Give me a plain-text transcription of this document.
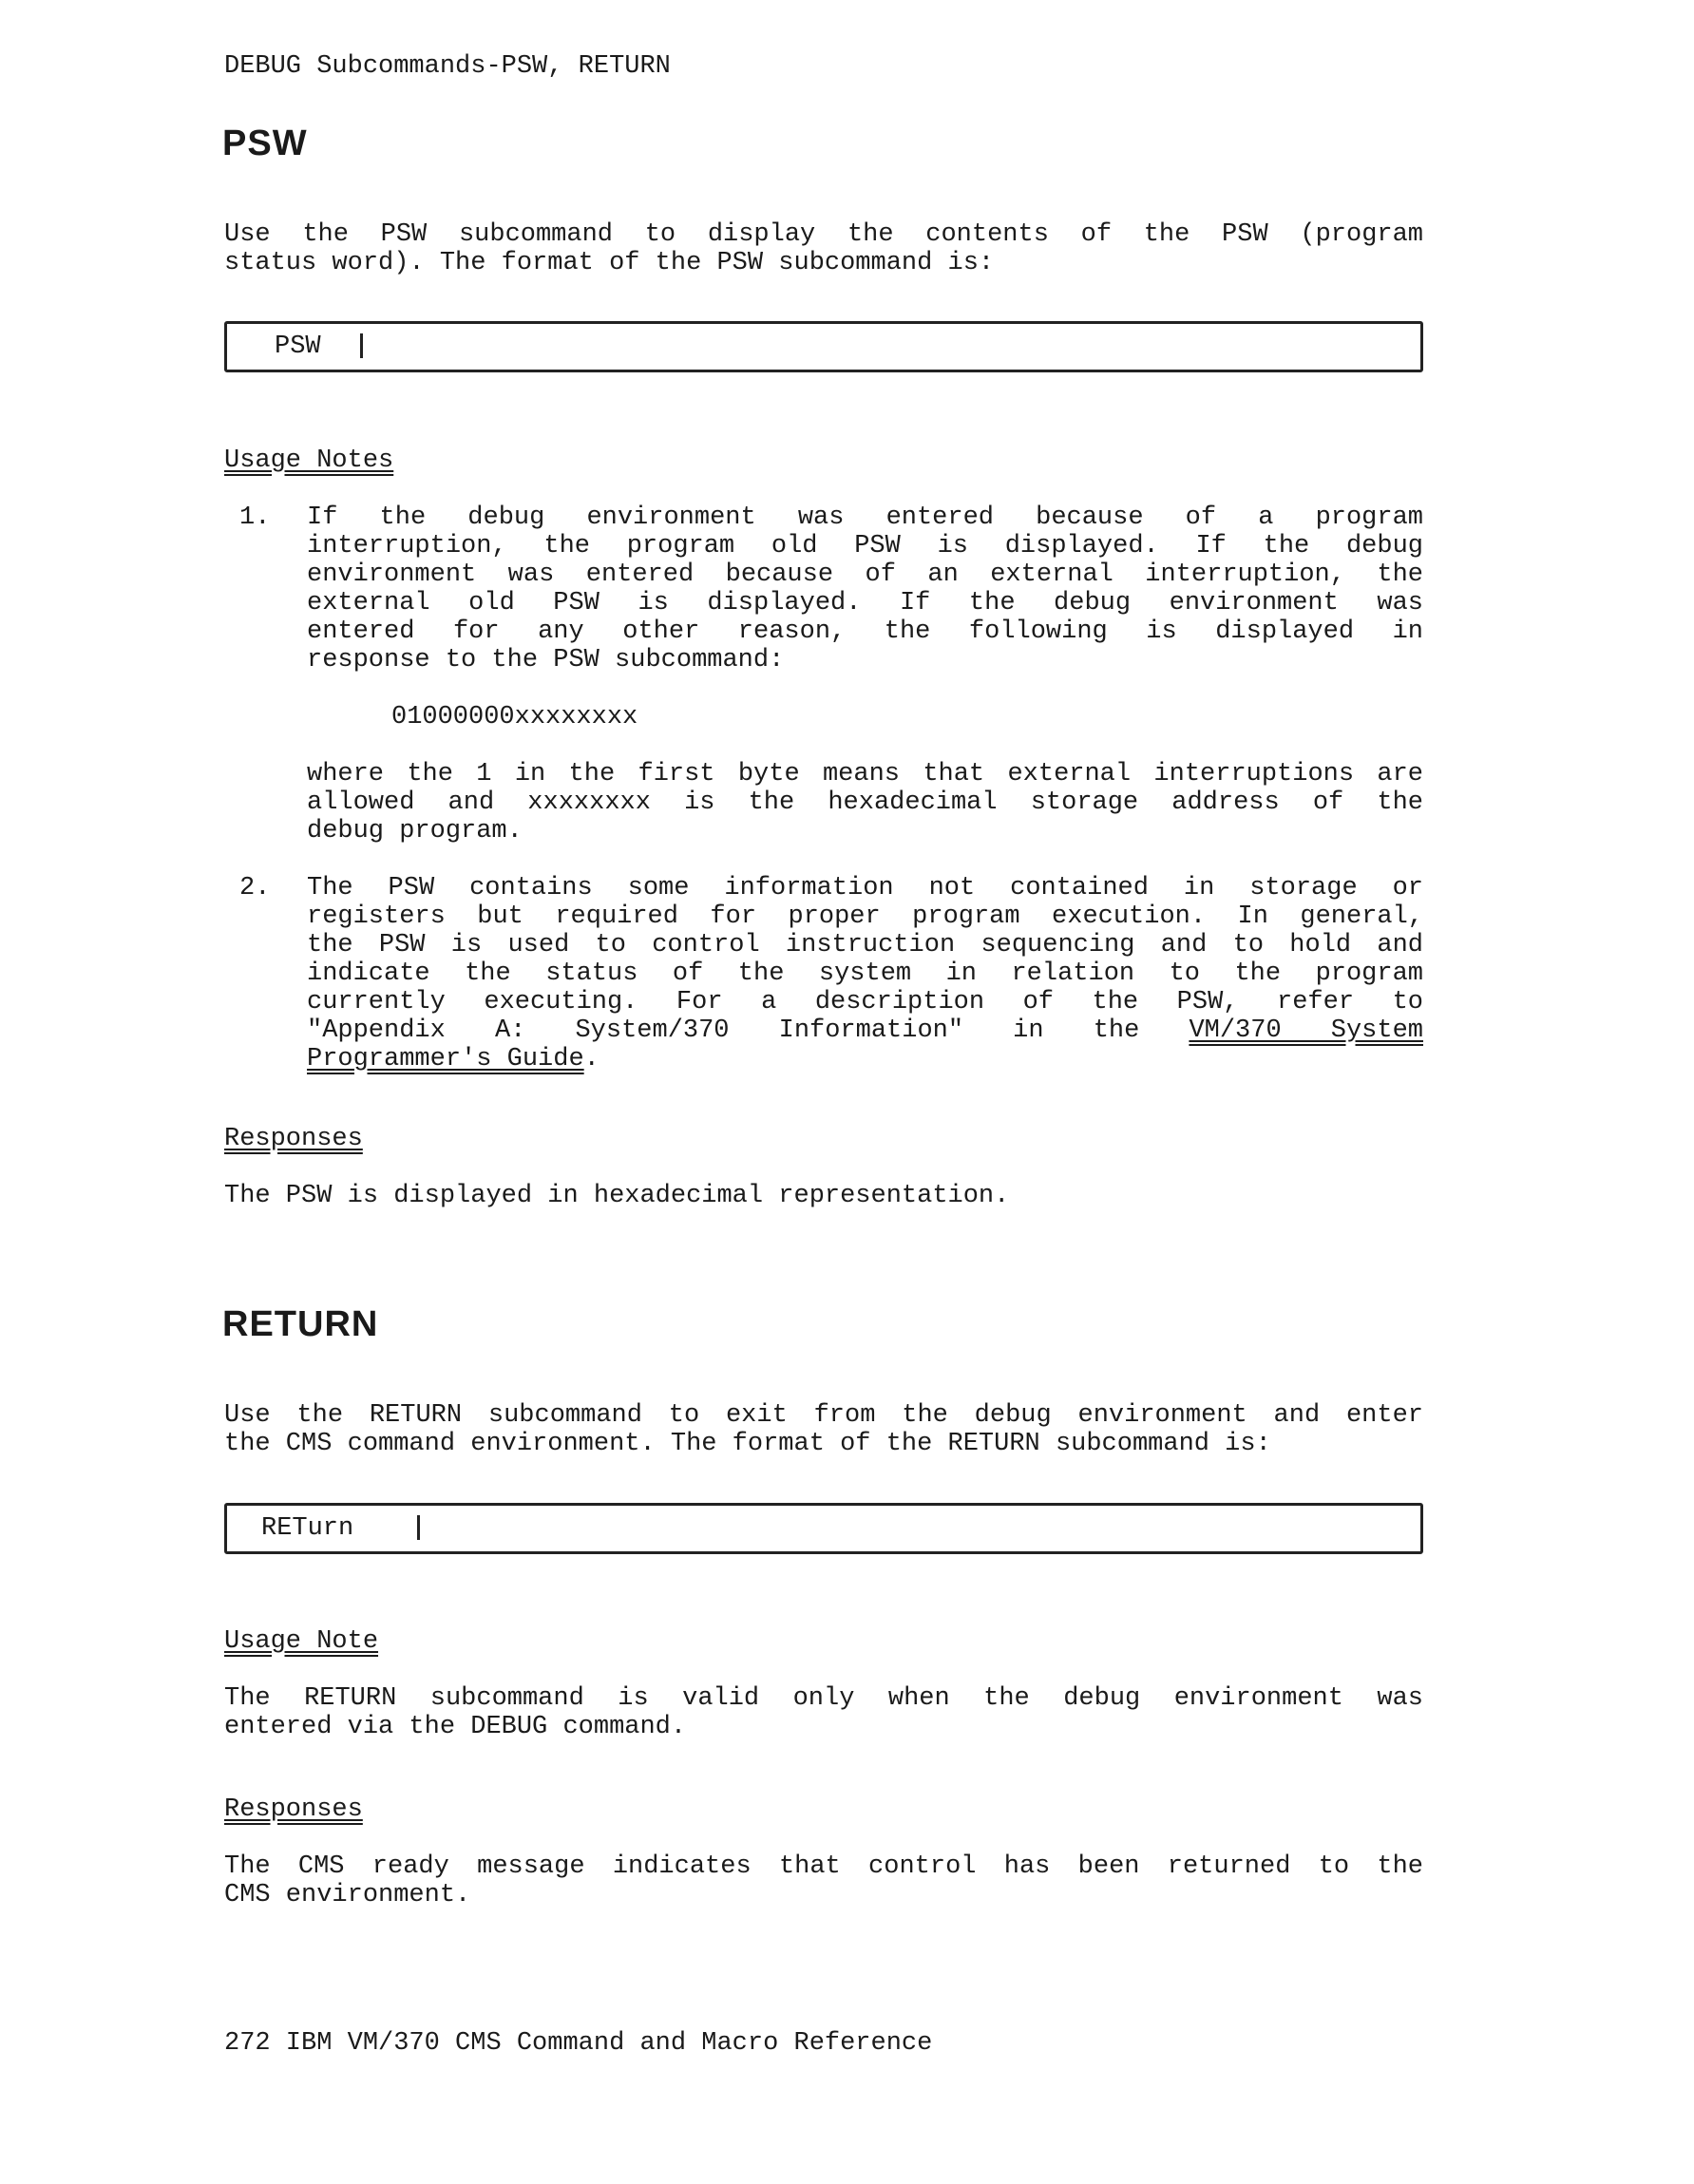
DEBUG Subcommands-PSW, RETURN
PSW
Use the PSW subcommand to display the contents of the PSW (program
status word). The format of the PSW subcommand is:
PSW
Usage Notes
1. If the debug environment was entered because of a program
interruption, the program old PSW is displayed. If the debug
environment was entered because of an external interruption, the
external old PSW is displayed. If the debug environment was
entered for any other reason, the following is displayed in
response to the PSW subcommand:
01000000xxxxxxxx
where the 1 in the first byte means that external interruptions are
allowed and xxxxxxxx is the hexadecimal storage address of the
debug program.
2. The PSW contains some information not contained in storage or
registers but required for proper program execution. In general,
the PSW is used to control instruction sequencing and to hold and
indicate the status of the system in relation to the program
currently executing. For a description of the PSW, refer to
"Appendix A: System/370 Information" in the VM/370 System
Programmer's Guide.
Responses
The PSW is displayed in hexadecimal representation.
RETURN
Use the RETURN subcommand to exit from the debug environment and enter
the CMS command environment. The format of the RETURN subcommand is:
RETurn
Usage Note
The RETURN subcommand is valid only when the debug environment was
entered via the DEBUG command.
Responses
The CMS ready message indicates that control has been returned to the
CMS environment.
272 IBM VM/370 CMS Command and Macro Reference
